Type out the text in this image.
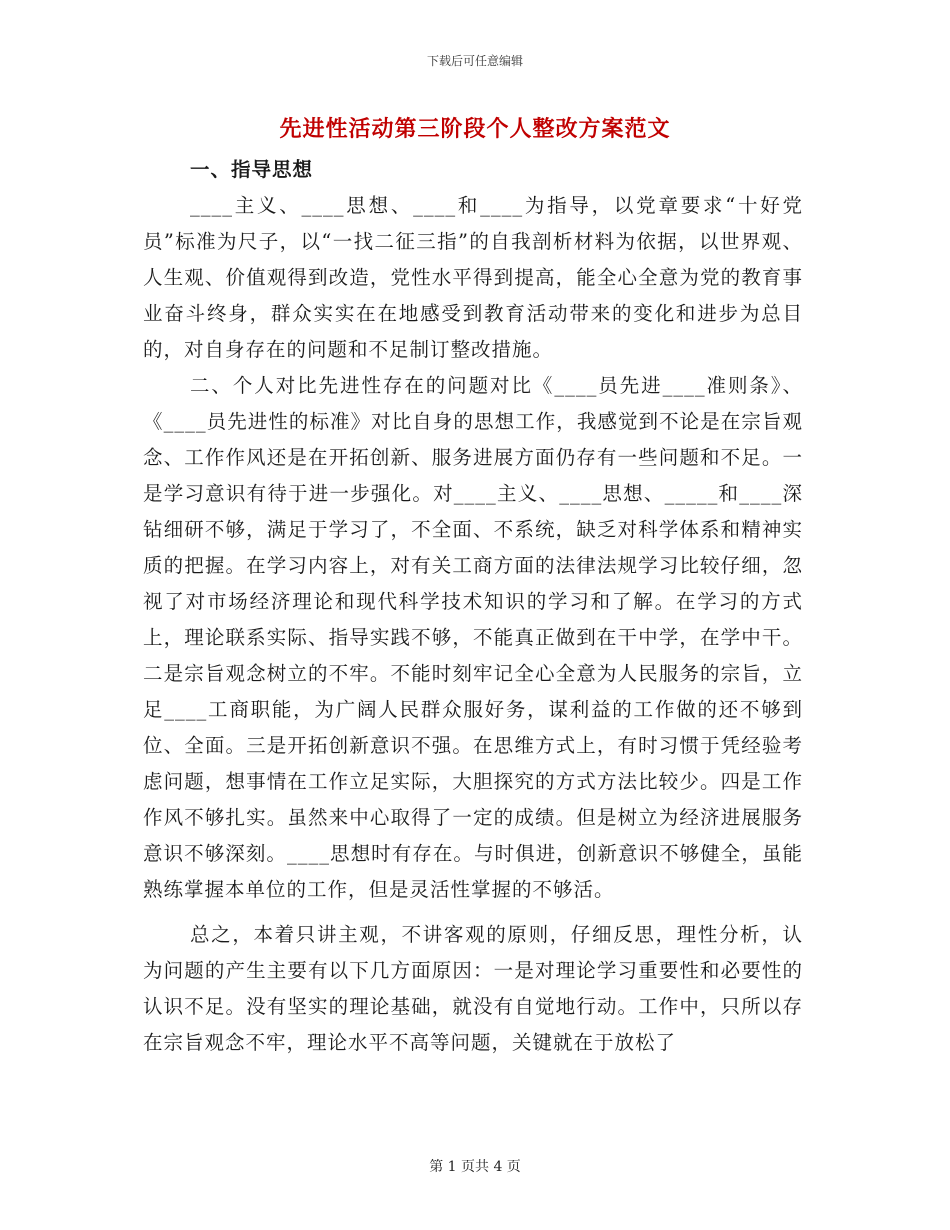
下载后可任意编辑
先进性活动第三阶段个人整改方案范文

一、指导思想

____主义、____思想、____和____为指导，以党章要求“十好党员”标准为尺子，以“一找二征三指”的自我剖析材料为依据，以世界观、人生观、价值观得到改造，党性水平得到提高，能全心全意为党的教育事业奋斗终身，群众实实在在地感受到教育活动带来的变化和进步为总目的，对自身存在的问题和不足制订整改措施。

二、个人对比先进性存在的问题对比《____员先进____准则条》、《____员先进性的标准》对比自身的思想工作，我感觉到不论是在宗旨观念、工作作风还是在开拓创新、服务进展方面仍存有一些问题和不足。一是学习意识有待于进一步强化。对____主义、____思想、_____和____深钻细研不够，满足于学习了，不全面、不系统，缺乏对科学体系和精神实质的把握。在学习内容上，对有关工商方面的法律法规学习比较仔细，忽视了对市场经济理论和现代科学技术知识的学习和了解。在学习的方式上，理论联系实际、指导实践不够，不能真正做到在干中学，在学中干。二是宗旨观念树立的不牢。不能时刻牢记全心全意为人民服务的宗旨，立足____工商职能，为广阔人民群众服好务，谋利益的工作做的还不够到位、全面。三是开拓创新意识不强。在思维方式上，有时习惯于凭经验考虑问题，想事情在工作立足实际，大胆探究的方式方法比较少。四是工作作风不够扎实。虽然来中心取得了一定的成绩。但是树立为经济进展服务意识不够深刻。____思想时有存在。与时俱进，创新意识不够健全，虽能熟练掌握本单位的工作，但是灵活性掌握的不够活。

总之，本着只讲主观，不讲客观的原则，仔细反思，理性分析，认为问题的产生主要有以下几方面原因：一是对理论学习重要性和必要性的认识不足。没有坚实的理论基础，就没有自觉地行动。工作中，只所以存在宗旨观念不牢，理论水平不高等问题，关键就在于放松了

第 1 页共 4 页
